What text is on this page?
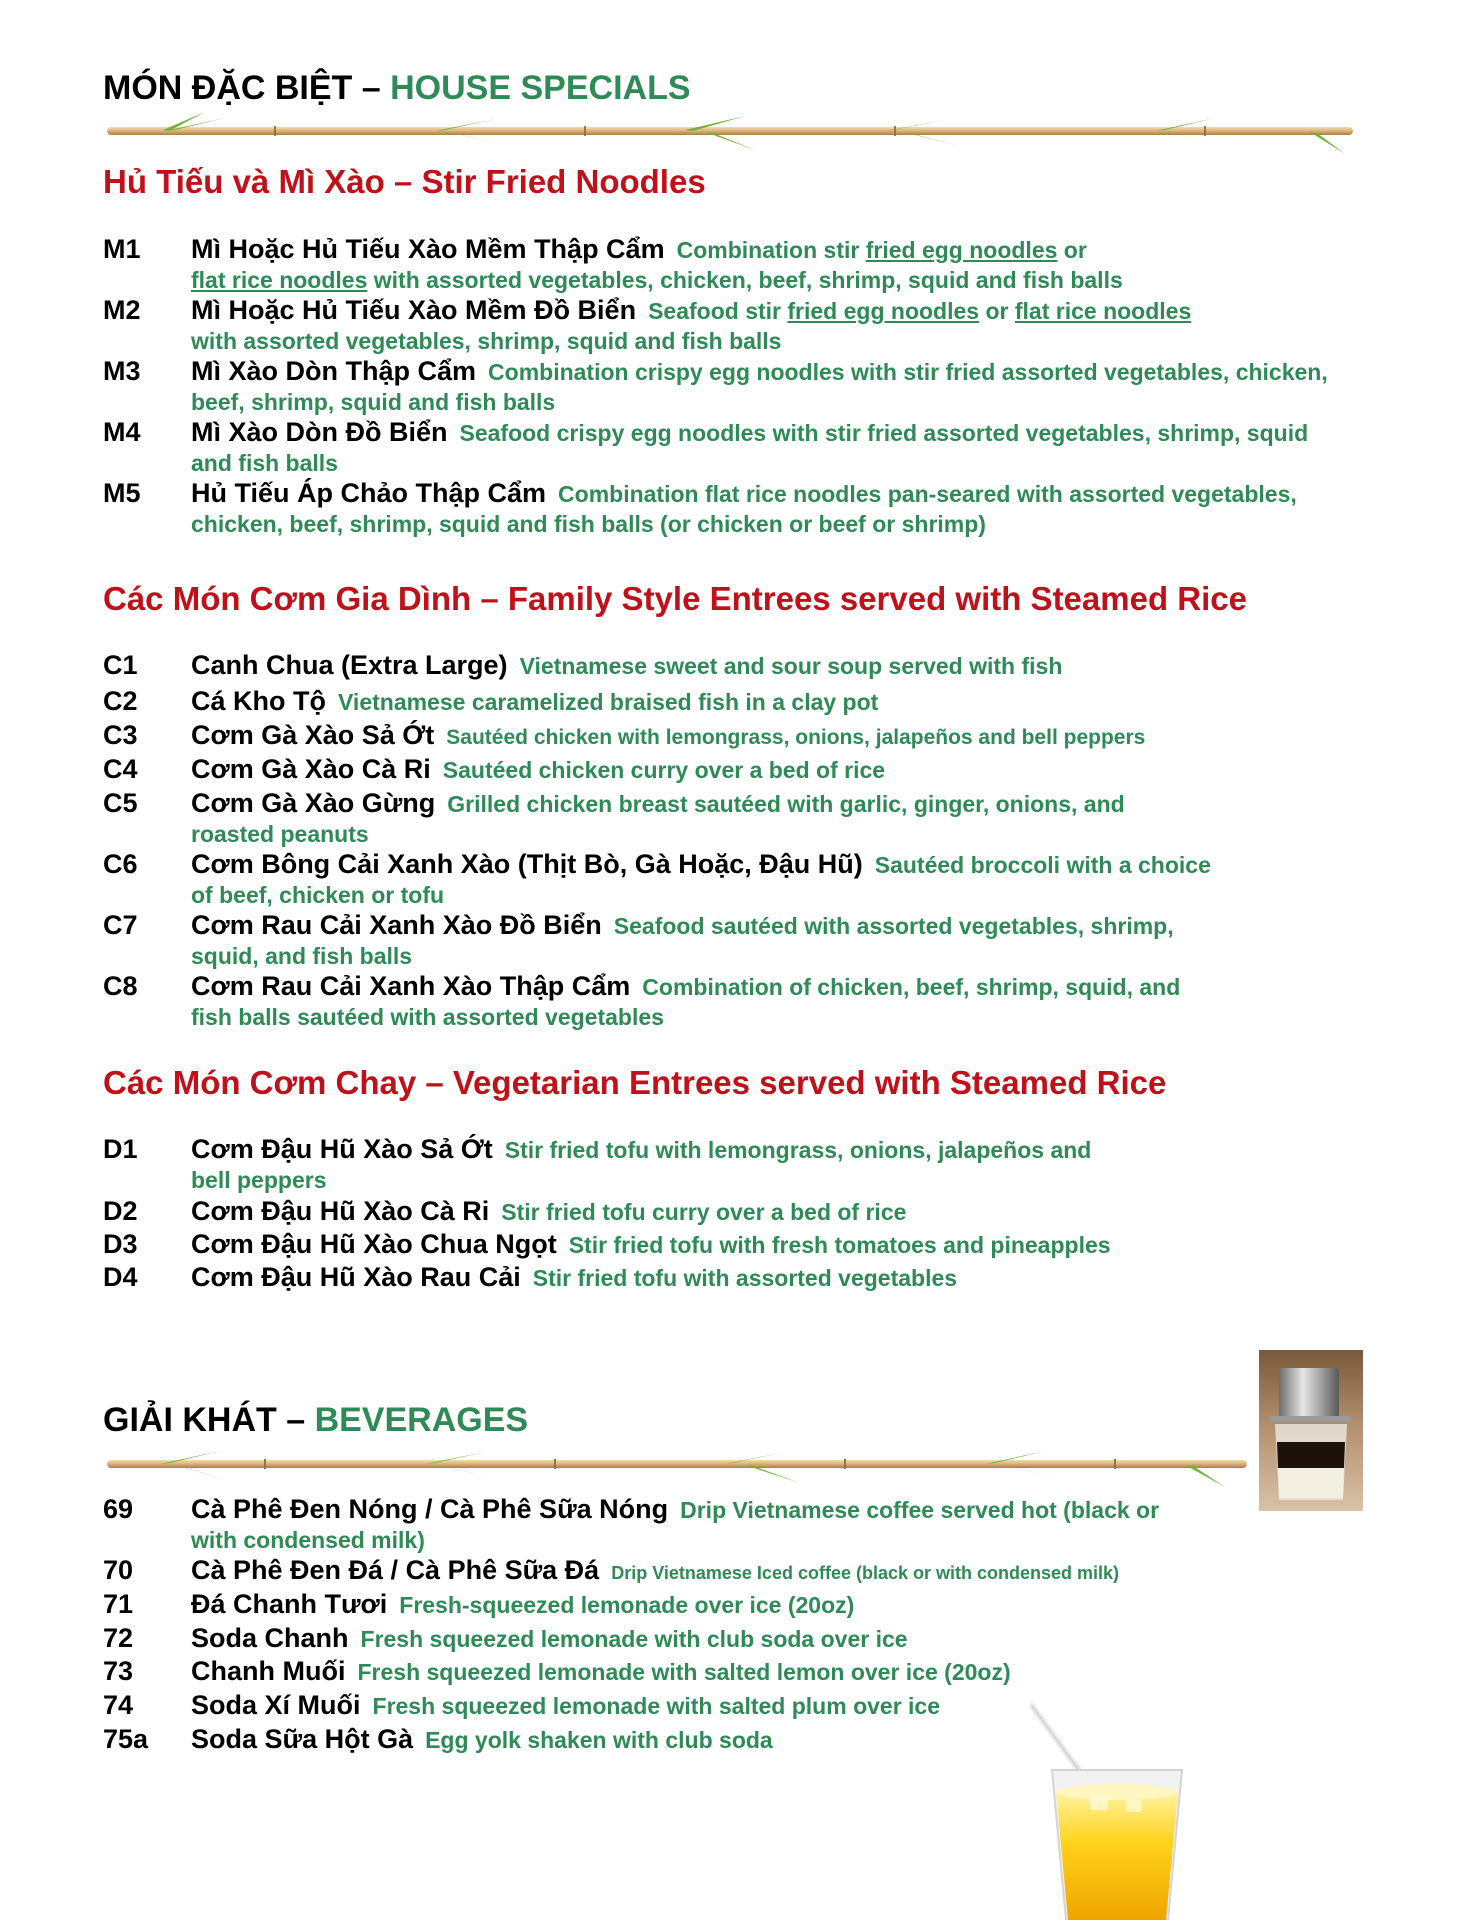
MÓN ĐẶC BIỆT – HOUSE SPECIALS
Hủ Tiếu và Mì Xào – Stir Fried Noodles
M1 Mì Hoặc Hủ Tiếu Xào Mềm Thập Cẩm Combination stir fried egg noodles or
flat rice noodles with assorted vegetables, chicken, beef, shrimp, squid and fish balls
M2 Mì Hoặc Hủ Tiếu Xào Mềm Đồ Biển Seafood stir fried egg noodles or flat rice noodles
with assorted vegetables, shrimp, squid and fish balls
M3 Mì Xào Dòn Thập Cẩm Combination crispy egg noodles with stir fried assorted vegetables, chicken, beef, shrimp, squid and fish balls
M4 Mì Xào Dòn Đồ Biển Seafood crispy egg noodles with stir fried assorted vegetables, shrimp, squid and fish balls
M5 Hủ Tiếu Áp Chảo Thập Cẩm Combination flat rice noodles pan-seared with assorted vegetables, chicken, beef, shrimp, squid and fish balls (or chicken or beef or shrimp)
Các Món Cơm Gia Dình – Family Style Entrees served with Steamed Rice
C1 Canh Chua (Extra Large) Vietnamese sweet and sour soup served with fish
C2 Cá Kho Tộ Vietnamese caramelized braised fish in a clay pot
C3 Cơm Gà Xào Sả Ớt Sautéed chicken with lemongrass, onions, jalapeños and bell peppers
C4 Cơm Gà Xào Cà Ri Sautéed chicken curry over a bed of rice
C5 Cơm Gà Xào Gừng Grilled chicken breast sautéed with garlic, ginger, onions, and roasted peanuts
C6 Cơm Bông Cải Xanh Xào (Thịt Bò, Gà Hoặc, Đậu Hũ) Sautéed broccoli with a choice of beef, chicken or tofu
C7 Cơm Rau Cải Xanh Xào Đồ Biển Seafood sautéed with assorted vegetables, shrimp, squid, and fish balls
C8 Cơm Rau Cải Xanh Xào Thập Cẩm Combination of chicken, beef, shrimp, squid, and fish balls sautéed with assorted vegetables
Các Món Cơm Chay – Vegetarian Entrees served with Steamed Rice
D1 Cơm Đậu Hũ Xào Sả Ớt Stir fried tofu with lemongrass, onions, jalapeños and bell peppers
D2 Cơm Đậu Hũ Xào Cà Ri Stir fried tofu curry over a bed of rice
D3 Cơm Đậu Hũ Xào Chua Ngọt Stir fried tofu with fresh tomatoes and pineapples
D4 Cơm Đậu Hũ Xào Rau Cải Stir fried tofu with assorted vegetables
GIẢI KHÁT – BEVERAGES
69 Cà Phê Đen Nóng / Cà Phê Sữa Nóng Drip Vietnamese coffee served hot (black or with condensed milk)
70 Cà Phê Đen Đá / Cà Phê Sữa Đá Drip Vietnamese Iced coffee (black or with condensed milk)
71 Đá Chanh Tươi Fresh-squeezed lemonade over ice (20oz)
72 Soda Chanh Fresh squeezed lemonade with club soda over ice
73 Chanh Muối Fresh squeezed lemonade with salted lemon over ice (20oz)
74 Soda Xí Muối Fresh squeezed lemonade with salted plum over ice
75a Soda Sữa Hột Gà Egg yolk shaken with club soda
